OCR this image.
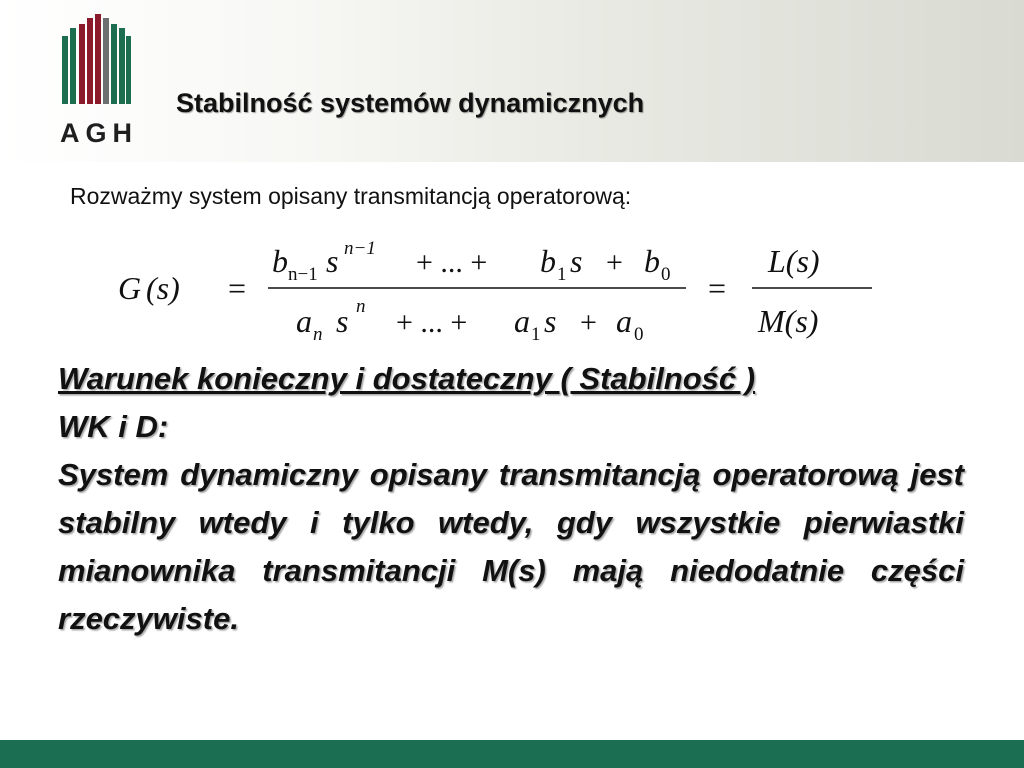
AGH
Stabilność systemów dynamicznych
Rozważmy system opisany transmitancją operatorową:
G (s) =
b n−1 s n−1 + ... + b 1 s + b 0
a n s n + ... + a 1 s + a 0
=
L(s)
M(s)
Warunek konieczny i dostateczny ( Stabilność )
WK i D:
System dynamiczny opisany transmitancją operatorową jest stabilny wtedy i tylko wtedy, gdy wszystkie pierwiastki mianownika transmitancji M(s) mają niedodatnie części rzeczywiste.
